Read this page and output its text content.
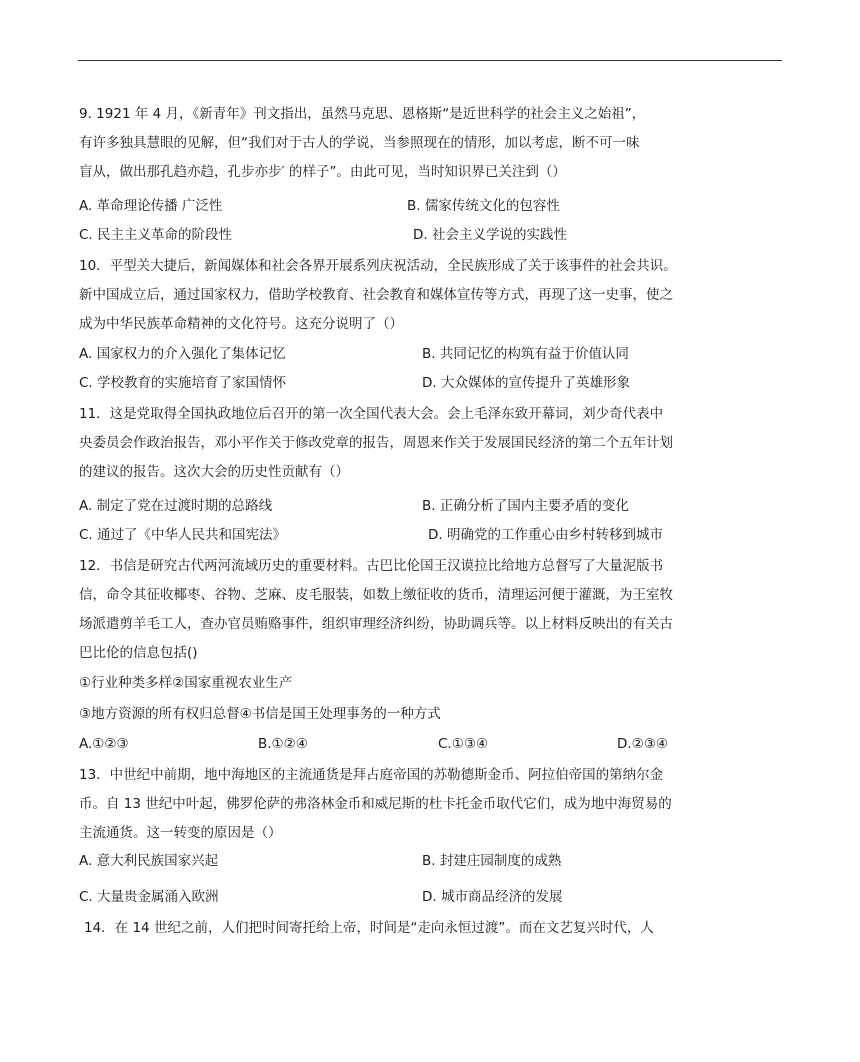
9. 1921 年 4 月，《新青年》刊文指出，虽然马克思、恩格斯“是近世科学的社会主义之始祖”，
有许多独具慧眼的见解，但“我们对于古人的学说，当参照现在的情形，加以考虑，断不可一味
盲从，做出那孔趋亦趋，孔步亦步′ 的样子”。由此可见，当时知识界已关注到（）
A. 革命理论传播 广泛性	B. 儒家传统文化的包容性
C. 民主主义革命的阶段性	D. 社会主义学说的实践性
10．平型关大捷后，新闻媒体和社会各界开展系列庆祝活动，全民族形成了关于该事件的社会共识。
新中国成立后，通过国家权力，借助学校教育、社会教育和媒体宣传等方式，再现了这一史事，使之
成为中华民族革命精神的文化符号。这充分说明了（）
A. 国家权力的介入强化了集体记忆	B. 共同记忆的构筑有益于价值认同
C. 学校教育的实施培育了家国情怀	D. 大众媒体的宣传提升了英雄形象
11．这是党取得全国执政地位后召开的第一次全国代表大会。会上毛泽东致开幕词，刘少奇代表中
央委员会作政治报告，邓小平作关于修改党章的报告，周恩来作关于发展国民经济的第二个五年计划
的建议的报告。这次大会的历史性贡献有（）
A. 制定了党在过渡时期的总路线	B. 正确分析了国内主要矛盾的变化
C. 通过了《中华人民共和国宪法》	D. 明确党的工作重心由乡村转移到城市
12．书信是研究古代两河流域历史的重要材料。古巴比伦国王汉谟拉比给地方总督写了大量泥版书
信，命令其征收椰枣、谷物、芝麻、皮毛服装，如数上缴征收的货币，清理运河便于灌溉，为王室牧
场派遣剪羊毛工人，查办官员贿赂事件，组织审理经济纠纷，协助调兵等。以上材料反映出的有关古
巴比伦的信息包括()
①行业种类多样②国家重视农业生产
③地方资源的所有权归总督④书信是国王处理事务的一种方式
A.①②③	B.①②④	C.①③④	D.②③④
13．中世纪中前期，地中海地区的主流通货是拜占庭帝国的苏勒德斯金币、阿拉伯帝国的第纳尔金
币。自 13 世纪中叶起，佛罗伦萨的弗洛林金币和威尼斯的杜卡托金币取代它们，成为地中海贸易的
主流通货。这一转变的原因是（）
A. 意大利民族国家兴起	B. 封建庄园制度的成熟
C. 大量贵金属涌入欧洲	D. 城市商品经济的发展
14．在 14 世纪之前，人们把时间寄托给上帝，时间是“走向永恒过渡”。而在文艺复兴时代，人
